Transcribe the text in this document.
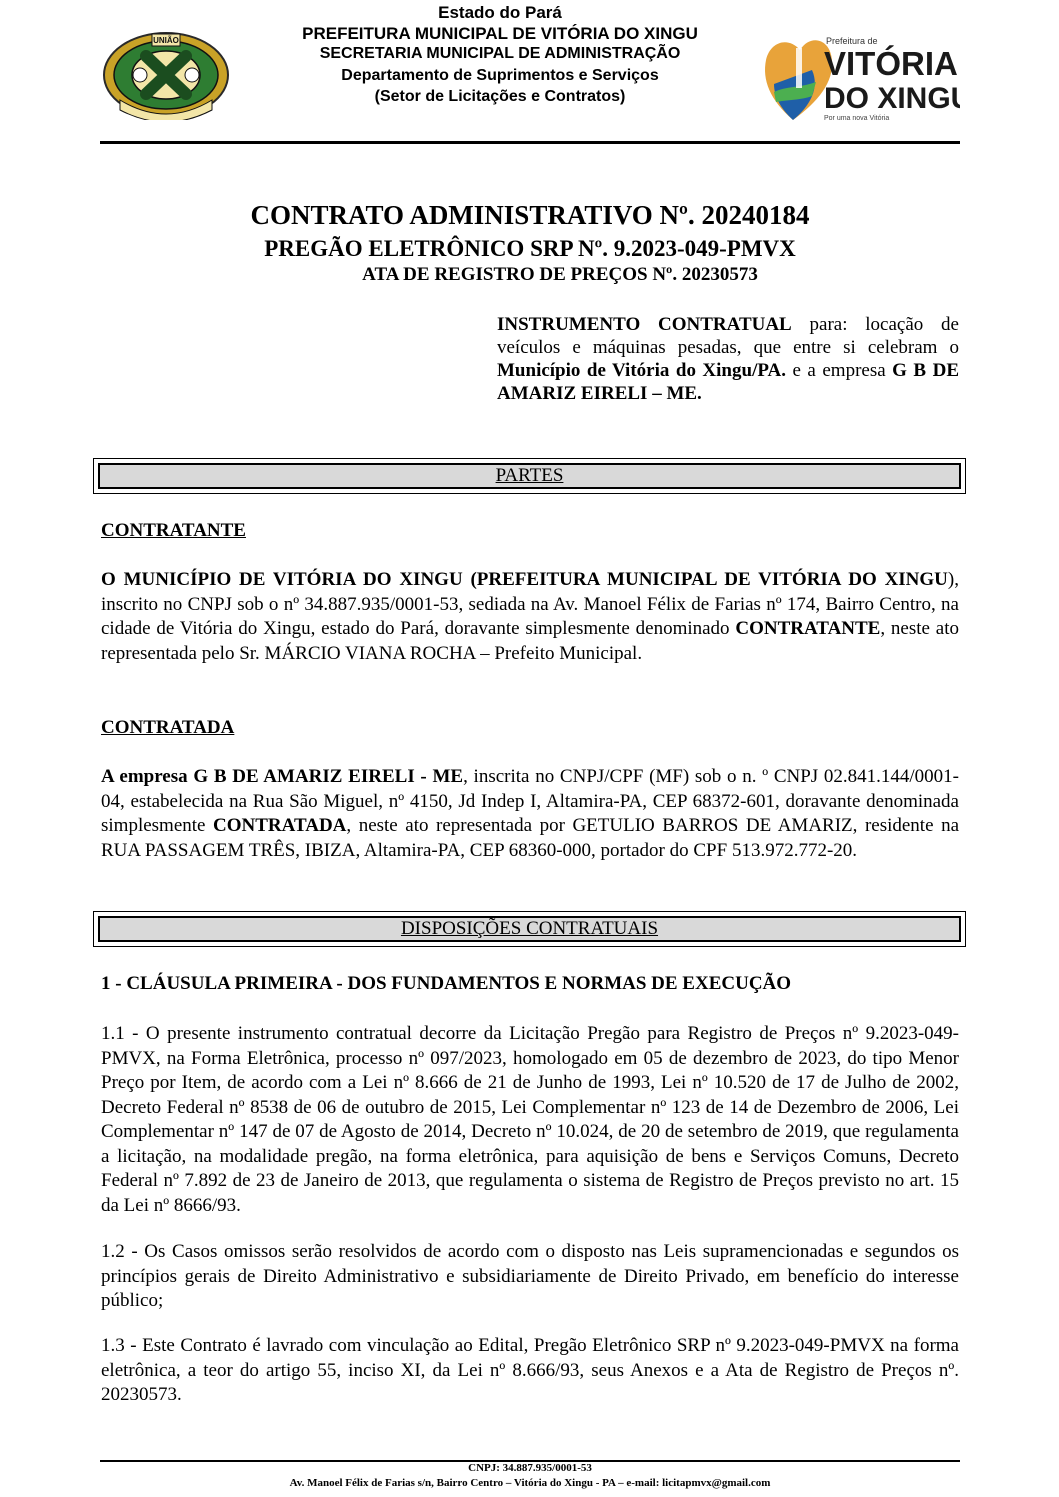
UNIÃO
Estado do Pará
PREFEITURA MUNICIPAL DE VITÓRIA DO XINGU
SECRETARIA MUNICIPAL DE ADMINISTRAÇÃO
Departamento de Suprimentos e Serviços
(Setor de Licitações e Contratos)
Prefeitura de
VITÓRIA
DO XINGU
Por uma nova Vitória
CONTRATO ADMINISTRATIVO Nº. 20240184
PREGÃO ELETRÔNICO SRP Nº. 9.2023-049-PMVX
ATA DE REGISTRO DE PREÇOS Nº. 20230573
INSTRUMENTO CONTRATUAL para: locação de veículos e máquinas pesadas, que entre si celebram o Município de Vitória do Xingu/PA. e a empresa G B DE AMARIZ EIRELI – ME.
PARTES
CONTRATANTE
O MUNICÍPIO DE VITÓRIA DO XINGU (PREFEITURA MUNICIPAL DE VITÓRIA DO XINGU), inscrito no CNPJ sob o nº 34.887.935/0001-53, sediada na Av. Manoel Félix de Farias nº 174, Bairro Centro, na cidade de Vitória do Xingu, estado do Pará, doravante simplesmente denominado CONTRATANTE, neste ato representada pelo Sr. MÁRCIO VIANA ROCHA – Prefeito Municipal.
CONTRATADA
A empresa G B DE AMARIZ EIRELI - ME, inscrita no CNPJ/CPF (MF) sob o n. º CNPJ 02.841.144/0001-04, estabelecida na Rua São Miguel, nº 4150, Jd Indep I, Altamira-PA, CEP 68372-601, doravante denominada simplesmente CONTRATADA, neste ato representada por GETULIO BARROS DE AMARIZ, residente na RUA PASSAGEM TRÊS, IBIZA, Altamira-PA, CEP 68360-000, portador do CPF 513.972.772-20.
DISPOSIÇÕES CONTRATUAIS
1 - CLÁUSULA PRIMEIRA - DOS FUNDAMENTOS E NORMAS DE EXECUÇÃO
1.1 - O presente instrumento contratual decorre da Licitação Pregão para Registro de Preços nº 9.2023-049-PMVX, na Forma Eletrônica, processo nº 097/2023, homologado em 05 de dezembro de 2023, do tipo Menor Preço por Item, de acordo com a Lei nº 8.666 de 21 de Junho de 1993, Lei nº 10.520 de 17 de Julho de 2002, Decreto Federal nº 8538 de 06 de outubro de 2015, Lei Complementar nº 123 de 14 de Dezembro de 2006, Lei Complementar nº 147 de 07 de Agosto de 2014, Decreto nº 10.024, de 20 de setembro de 2019, que regulamenta a licitação, na modalidade pregão, na forma eletrônica, para aquisição de bens e Serviços Comuns, Decreto Federal nº 7.892 de 23 de Janeiro de 2013, que regulamenta o sistema de Registro de Preços previsto no art. 15 da Lei nº 8666/93.
1.2 - Os Casos omissos serão resolvidos de acordo com o disposto nas Leis supramencionadas e segundos os princípios gerais de Direito Administrativo e subsidiariamente de Direito Privado, em benefício do interesse público;
1.3 - Este Contrato é lavrado com vinculação ao Edital, Pregão Eletrônico SRP nº 9.2023-049-PMVX na forma eletrônica, a teor do artigo 55, inciso XI, da Lei nº 8.666/93, seus Anexos e a Ata de Registro de Preços nº. 20230573.
CNPJ: 34.887.935/0001-53
Av. Manoel Félix de Farias s/n, Bairro Centro – Vitória do Xingu - PA – e-mail: licitapmvx@gmail.com
